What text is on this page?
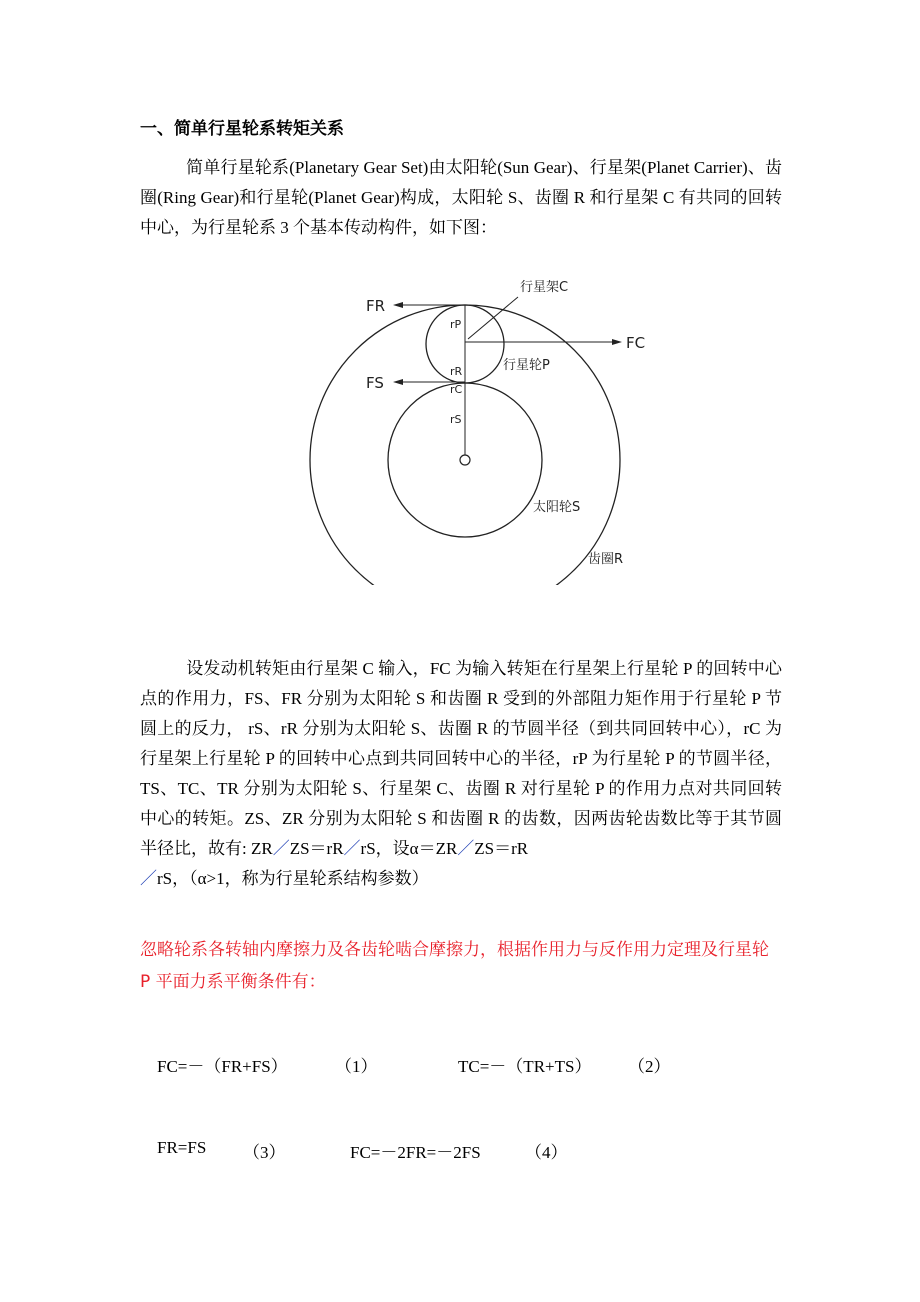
一、简单行星轮系转矩关系

简单行星轮系(Planetary Gear Set)由太阳轮(Sun Gear)、行星架(Planet Carrier)、齿圈(Ring Gear)和行星轮(Planet Gear)构成，太阳轮 S、齿圈 R 和行星架 C 有共同的回转中心，为行星轮系 3 个基本传动构件，如下图：

FR
FS
FC
rP
rR
rC
rS
行星架C
行星轮P
太阳轮S
齿圈R

设发动机转矩由行星架 C 输入，FC 为输入转矩在行星架上行星轮 P 的回转中心点的作用力，FS、FR 分别为太阳轮 S 和齿圈 R 受到的外部阻力矩作用于行星轮 P 节圆上的反力， rS、rR 分别为太阳轮 S、齿圈 R 的节圆半径（到共同回转中心），rC 为行星架上行星轮 P 的回转中心点到共同回转中心的半径，rP 为行星轮 P 的节圆半径，TS、TC、TR 分别为太阳轮 S、行星架 C、齿圈 R 对行星轮 P 的作用力点对共同回转中心的转矩。ZS、ZR 分别为太阳轮 S 和齿圈 R 的齿数，因两齿轮齿数比等于其节圆半径比，故有: ZR／ZS＝rR／rS，设α＝ZR／ZS＝rR
／rS，（α>1，称为行星轮系结构参数）

忽略轮系各转轴内摩擦力及各齿轮啮合摩擦力，根据作用力与反作用力定理及行星轮 P 平面力系平衡条件有：

FC=－（FR+FS）	（1）	TC=－（TR+TS） （2）
FR=FS （3）	FC=－2FR=－2FS	（4）
